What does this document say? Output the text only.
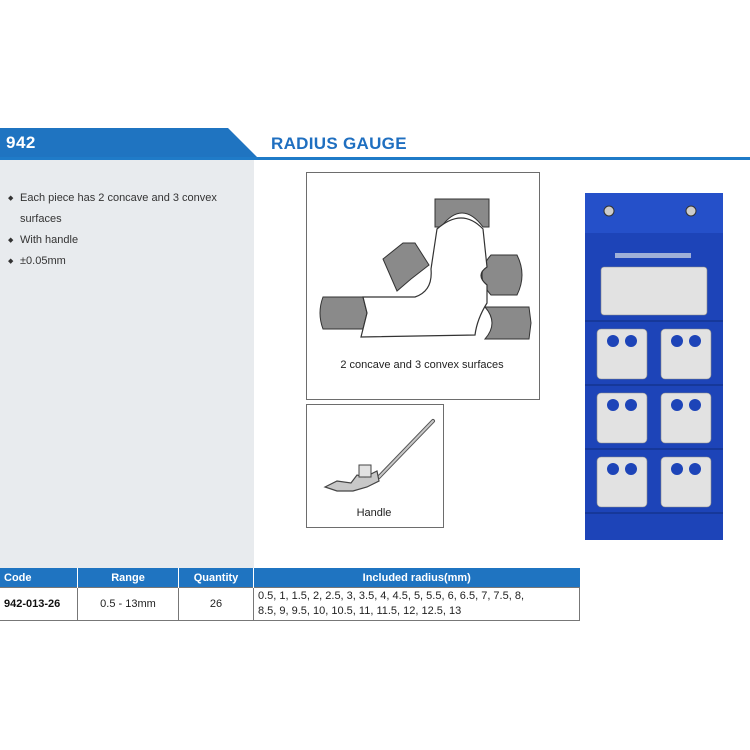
942	RADIUS GAUGE
◆ Each piece has 2 concave and 3 convex surfaces
◆ With handle
◆ ±0.05mm
2 concave and 3 convex surfaces
Handle
Code	Range	Quantity	Included radius(mm)
942-013-26	0.5 - 13mm	26	0.5, 1, 1.5, 2, 2.5, 3, 3.5, 4, 4.5, 5, 5.5, 6, 6.5, 7, 7.5, 8,
8.5, 9, 9.5, 10, 10.5, 11, 11.5, 12, 12.5, 13
